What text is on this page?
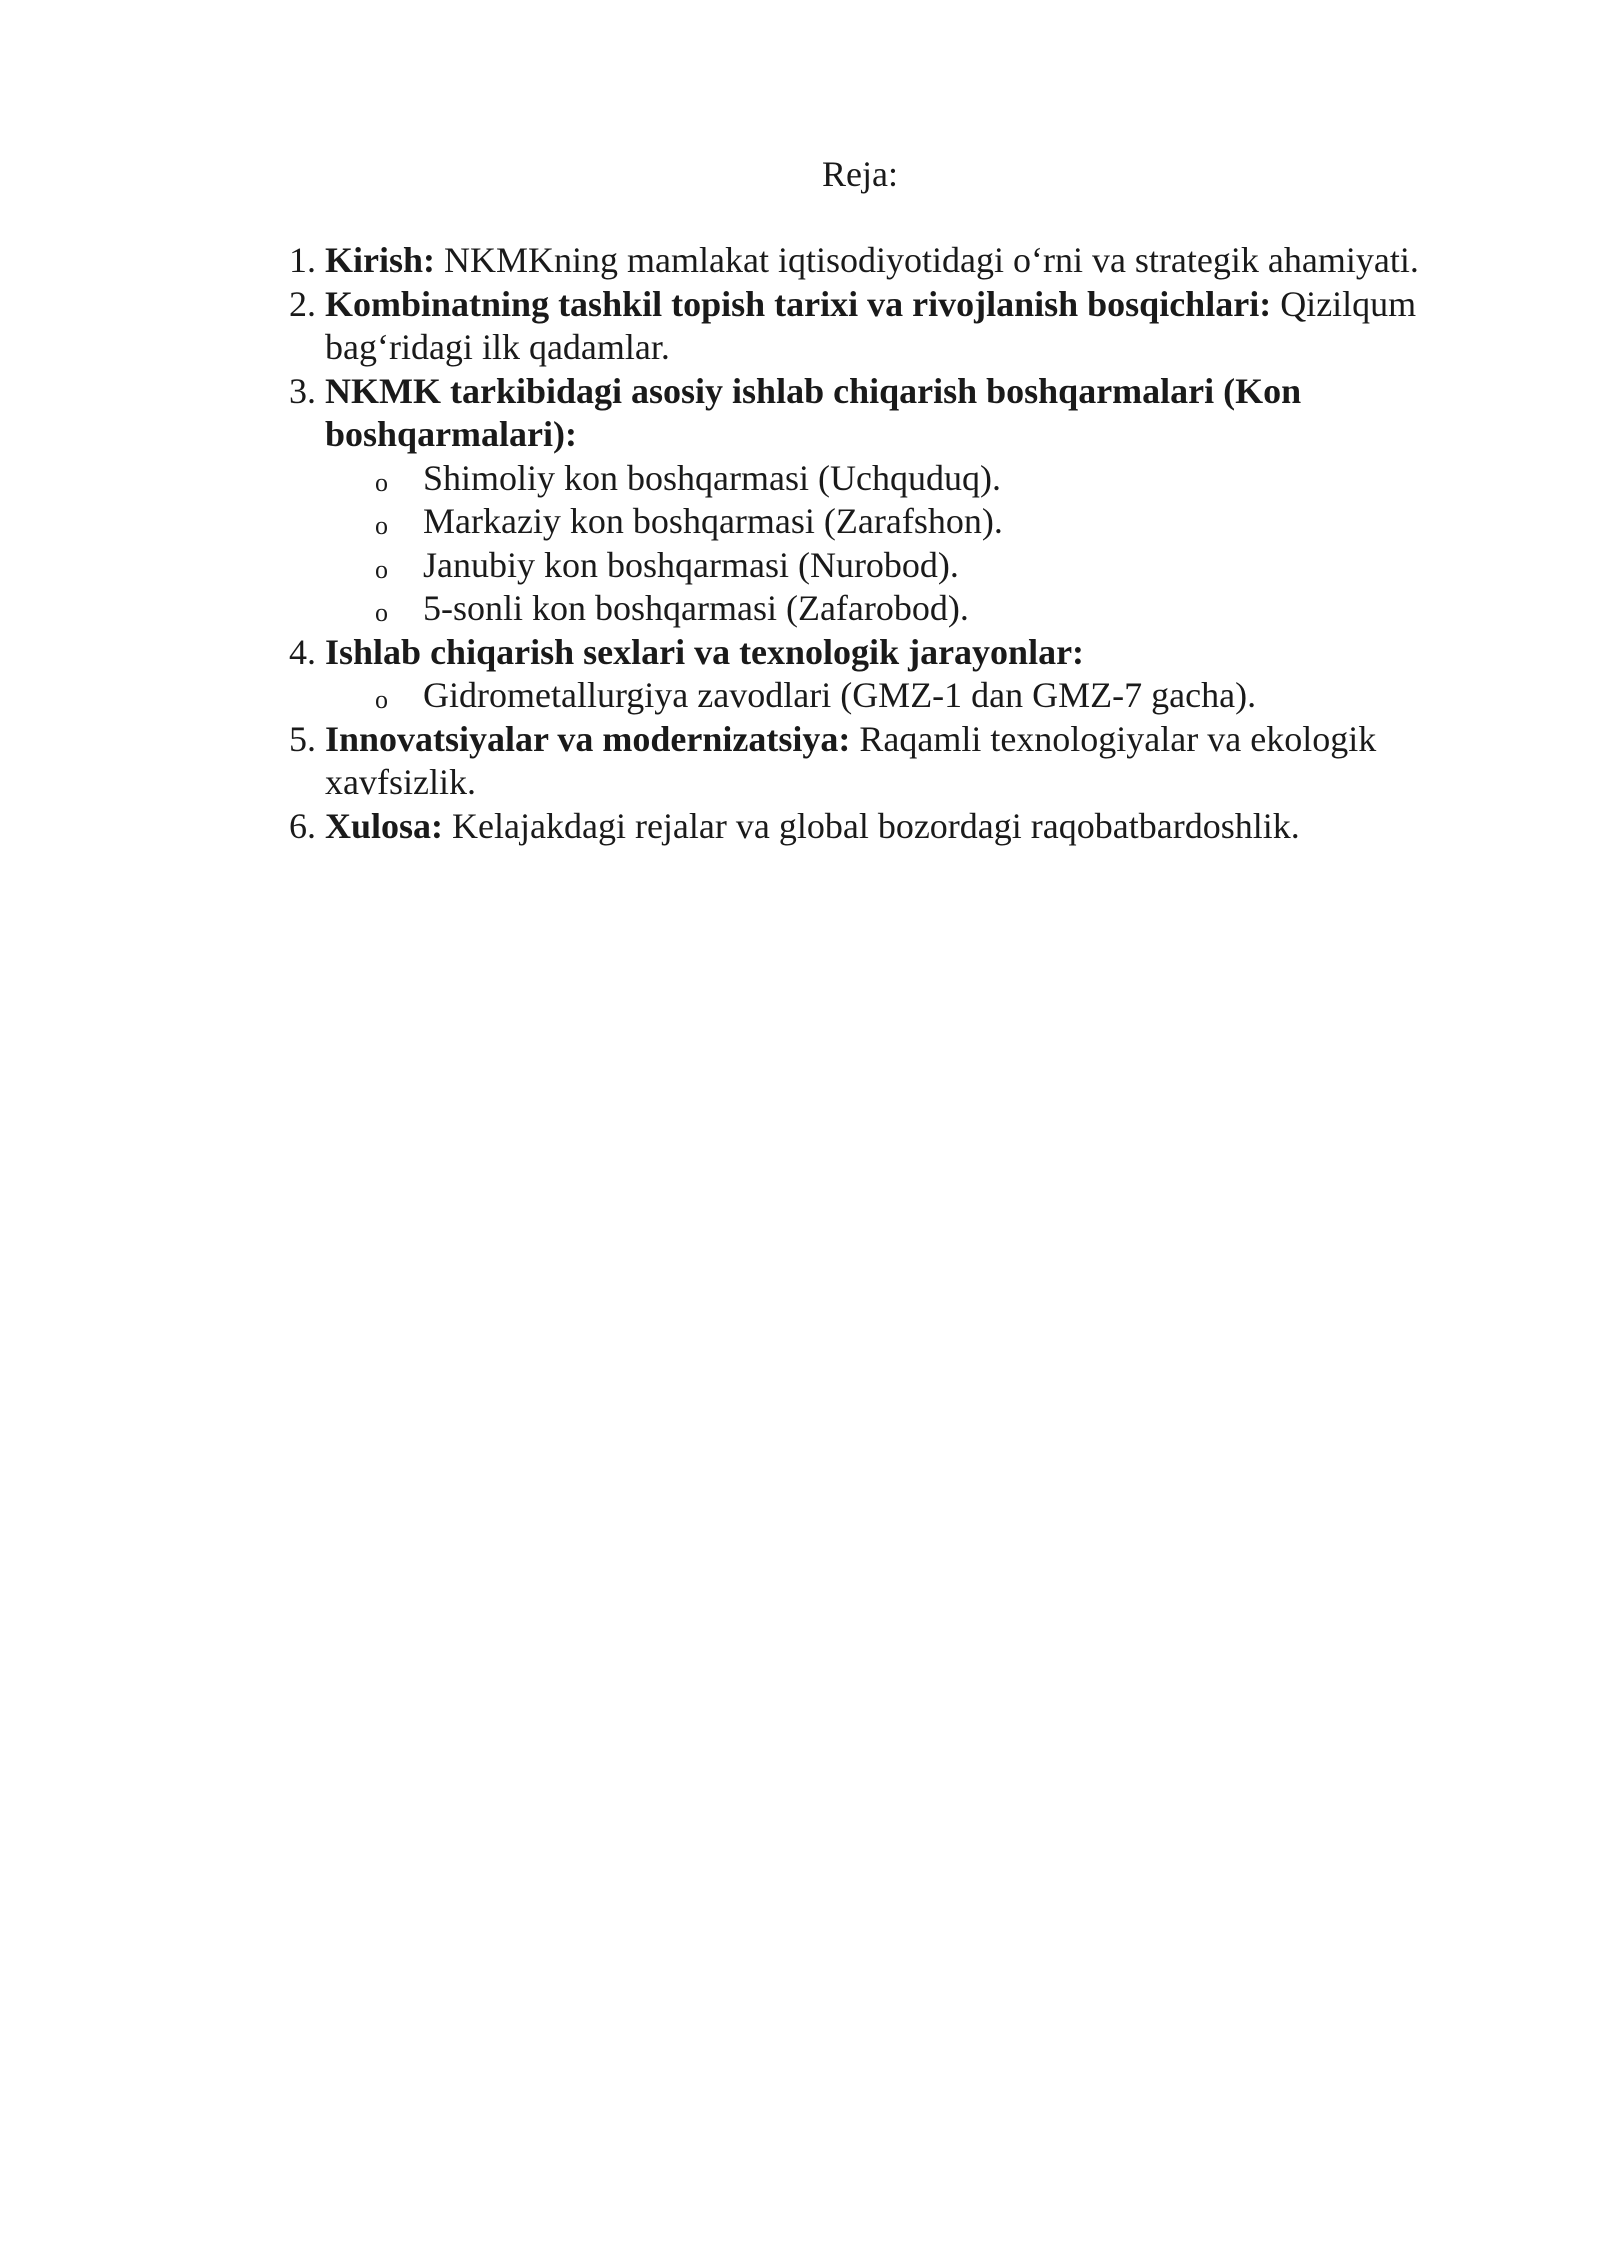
Reja:
1. Kirish: NKMKning mamlakat iqtisodiyotidagi o‘rni va strategik ahamiyati.
2. Kombinatning tashkil topish tarixi va rivojlanish bosqichlari: Qizilqum bag‘ridagi ilk qadamlar.
3. NKMK tarkibidagi asosiy ishlab chiqarish boshqarmalari (Kon boshqarmalari):
o Shimoliy kon boshqarmasi (Uchquduq).
o Markaziy kon boshqarmasi (Zarafshon).
o Janubiy kon boshqarmasi (Nurobod).
o 5-sonli kon boshqarmasi (Zafarobod).
4. Ishlab chiqarish sexlari va texnologik jarayonlar:
o Gidrometallurgiya zavodlari (GMZ-1 dan GMZ-7 gacha).
5. Innovatsiyalar va modernizatsiya: Raqamli texnologiyalar va ekologik xavfsizlik.
6. Xulosa: Kelajakdagi rejalar va global bozordagi raqobatbardoshlik.
